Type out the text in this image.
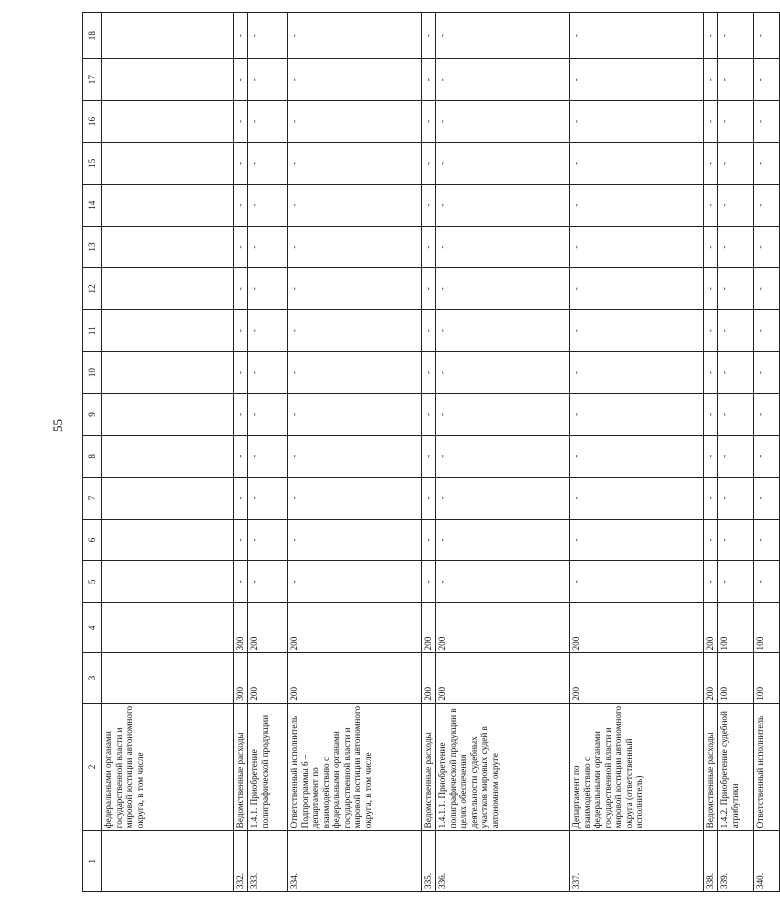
55
1	2	3	4	5	6	7	8	9	10	11	12	13	14	15	16	17	18
	федеральными органами государственной власти и мировой юстиции автономного округа, в том числе																
332.	Ведомственные расходы	300	300	-	-	-	-	-	-	-	-	-	-	-	-	-	-
333.	1.4.1. Приобретение полиграфической продукции	200	200	-	-	-	-	-	-	-	-	-	-	-	-	-	-
334.	Ответственный исполнитель Подпрограммы 6 – департамент по взаимодействию с федеральными органами государственной власти и мировой юстиции автономного округа, в том числе	200	200	-	-	-	-	-	-	-	-	-	-	-	-	-	-
335.	Ведомственные расходы	200	200	-	-	-	-	-	-	-	-	-	-	-	-	-	-
336.	1.4.1.1. Приобретение полиграфической продукции в целях обеспечения деятельности судебных участков мировых судей в автономном округе	200	200	-	-	-	-	-	-	-	-	-	-	-	-	-	-
337.	Департамент по взаимодействию с федеральными органами государственной власти и мировой юстиции автономного округа (ответственный исполнитель)	200	200	-	-	-	-	-	-	-	-	-	-	-	-	-	-
338.	Ведомственные расходы	200	200	-	-	-	-	-	-	-	-	-	-	-	-	-	-
339.	1.4.2. Приобретение судебной атрибутики	100	100	-	-	-	-	-	-	-	-	-	-	-	-	-	-
340.	Ответственный исполнитель	100	100	-	-	-	-	-	-	-	-	-	-	-	-	-	-
